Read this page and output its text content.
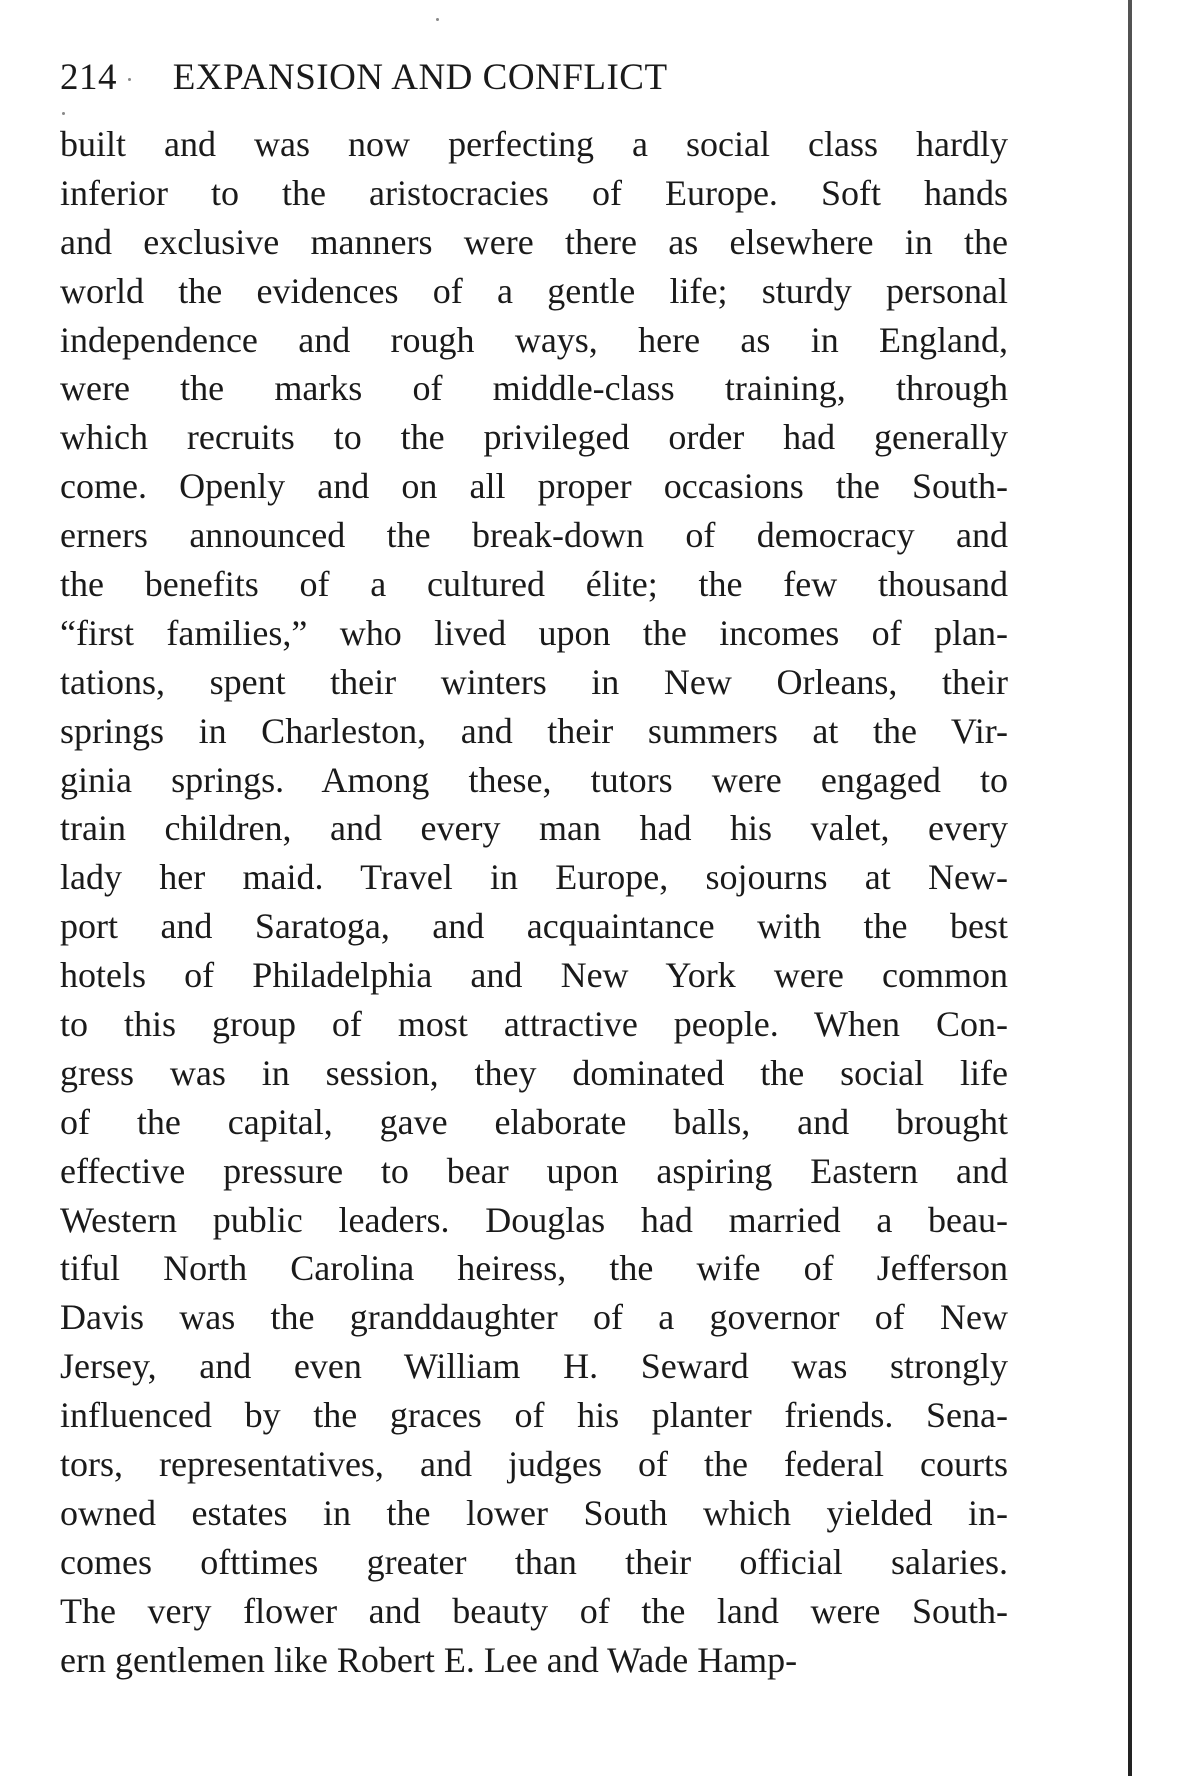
214 EXPANSION AND CONFLICT
built and was now perfecting a social class hardly
inferior to the aristocracies of Europe. Soft hands
and exclusive manners were there as elsewhere in the
world the evidences of a gentle life; sturdy personal
independence and rough ways, here as in England,
were the marks of middle-class training, through
which recruits to the privileged order had generally
come. Openly and on all proper occasions the South-
erners announced the break-down of democracy and
the benefits of a cultured élite; the few thousand
“first families,” who lived upon the incomes of plan-
tations, spent their winters in New Orleans, their
springs in Charleston, and their summers at the Vir-
ginia springs. Among these, tutors were engaged to
train children, and every man had his valet, every
lady her maid. Travel in Europe, sojourns at New-
port and Saratoga, and acquaintance with the best
hotels of Philadelphia and New York were common
to this group of most attractive people. When Con-
gress was in session, they dominated the social life
of the capital, gave elaborate balls, and brought
effective pressure to bear upon aspiring Eastern and
Western public leaders. Douglas had married a beau-
tiful North Carolina heiress, the wife of Jefferson
Davis was the granddaughter of a governor of New
Jersey, and even William H. Seward was strongly
influenced by the graces of his planter friends. Sena-
tors, representatives, and judges of the federal courts
owned estates in the lower South which yielded in-
comes ofttimes greater than their official salaries.
The very flower and beauty of the land were South-
ern gentlemen like Robert E. Lee and Wade Hamp-
